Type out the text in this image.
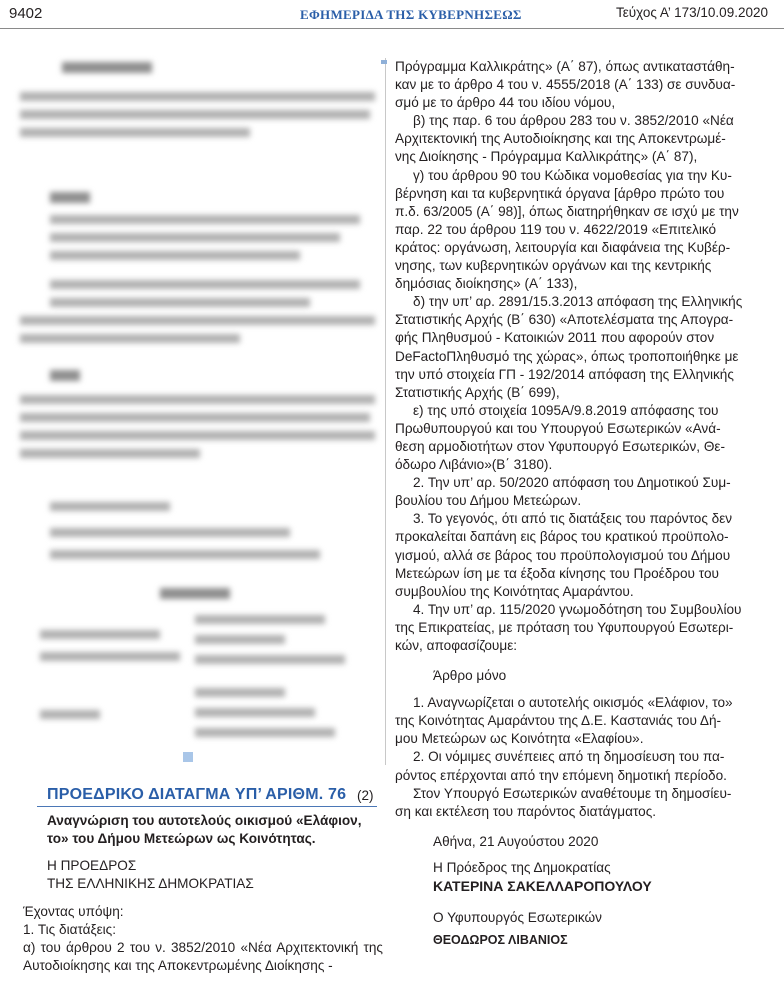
9402	ΕΦΗΜΕΡΙΔΑ ΤΗΣ ΚΥΒΕΡΝΗΣΕΩΣ	Τεύχος Α’ 173/10.09.2020

Πρόγραμμα Καλλικράτης» (Α΄ 87), όπως αντικαταστάθη-

καν με το άρθρο 4 του ν. 4555/2018 (Α΄ 133) σε συνδυα-

σμό με το άρθρο 44 του ιδίου νόμου,

β) της παρ. 6 του άρθρου 283 του ν. 3852/2010 «Νέα

Αρχιτεκτονική της Αυτοδιοίκησης και της Αποκεντρωμέ-

νης Διοίκησης - Πρόγραμμα Καλλικράτης» (Α΄ 87),

γ) του άρθρου 90 του Κώδικα νομοθεσίας για την Κυ-

βέρνηση και τα κυβερνητικά όργανα [άρθρο πρώτο του

π.δ. 63/2005 (Α΄ 98)], όπως διατηρήθηκαν σε ισχύ με την

παρ. 22 του άρθρου 119 του ν. 4622/2019 «Επιτελικό

κράτος: οργάνωση, λειτουργία και διαφάνεια της Κυβέρ-

νησης, των κυβερνητικών οργάνων και της κεντρικής

δημόσιας διοίκησης» (Α΄ 133),

δ) την υπ’ αρ. 2891/15.3.2013 απόφαση της Ελληνικής

Στατιστικής Αρχής (Β΄ 630) «Αποτελέσματα της Απογρα-

φής Πληθυσμού - Κατοικιών 2011 που αφορούν στον

DeFactoΠληθυσμό της χώρας», όπως τροποποιήθηκε με

την υπό στοιχεία ΓΠ - 192/2014 απόφαση της Ελληνικής

Στατιστικής Αρχής (Β΄ 699),

ε) της υπό στοιχεία 1095Α/9.8.2019 απόφασης του

Πρωθυπουργού και του Υπουργού Εσωτερικών «Ανά-

θεση αρμοδιοτήτων στον Υφυπουργό Εσωτερικών, Θε-

όδωρο Λιβάνιο»(Β΄ 3180).

2. Την υπ’ αρ. 50/2020 απόφαση του Δημοτικού Συμ-

βουλίου του Δήμου Μετεώρων.

3. Το γεγονός, ότι από τις διατάξεις του παρόντος δεν

προκαλείται δαπάνη εις βάρος του κρατικού προϋπολο-

γισμού, αλλά σε βάρος του προϋπολογισμού του Δήμου

Μετεώρων ίση με τα έξοδα κίνησης του Προέδρου του

συμβουλίου της Κοινότητας Αμαράντου.

4. Την υπ’ αρ. 115/2020 γνωμοδότηση του Συμβουλίου

της Επικρατείας, με πρόταση του Υφυπουργού Εσωτερι-

κών, αποφασίζουμε:

Άρθρο μόνο

1. Αναγνωρίζεται ο αυτοτελής οικισμός «Ελάφιον, το»

της Κοινότητας Αμαράντου της Δ.Ε. Καστανιάς του Δή-

μου Μετεώρων ως Κοινότητα «Ελαφίου».

2. Οι νόμιμες συνέπειες από τη δημοσίευση του πα-

ρόντος επέρχονται από την επόμενη δημοτική περίοδο.

Στον Υπουργό Εσωτερικών αναθέτουμε τη δημοσίευ-

ση και εκτέλεση του παρόντος διατάγματος.

Αθήνα, 21 Αυγούστου 2020

Η Πρόεδρος της Δημοκρατίας

ΚΑΤΕΡΙΝΑ ΣΑΚΕΛΛΑΡΟΠΟΥΛΟΥ

Ο Υφυπουργός Εσωτερικών

ΘΕΟΔΩΡΟΣ ΛΙΒΑΝΙΟΣ

ΠΡΟΕΔΡΙΚΟ ΔΙΑΤΑΓΜΑ ΥΠ’ ΑΡΙΘΜ. 76 (2)

Αναγνώριση του αυτοτελούς οικισμού «Ελάφιον, το» του Δήμου Μετεώρων ως Κοινότητας.

Η ΠΡΟΕΔΡΟΣ

ΤΗΣ ΕΛΛΗΝΙΚΗΣ ΔΗΜΟΚΡΑΤΙΑΣ

Έχοντας υπόψη:

1. Τις διατάξεις:

α) του άρθρου 2 του ν. 3852/2010 «Νέα Αρχιτεκτονική της Αυτοδιοίκησης και της Αποκεντρωμένης Διοίκησης -
